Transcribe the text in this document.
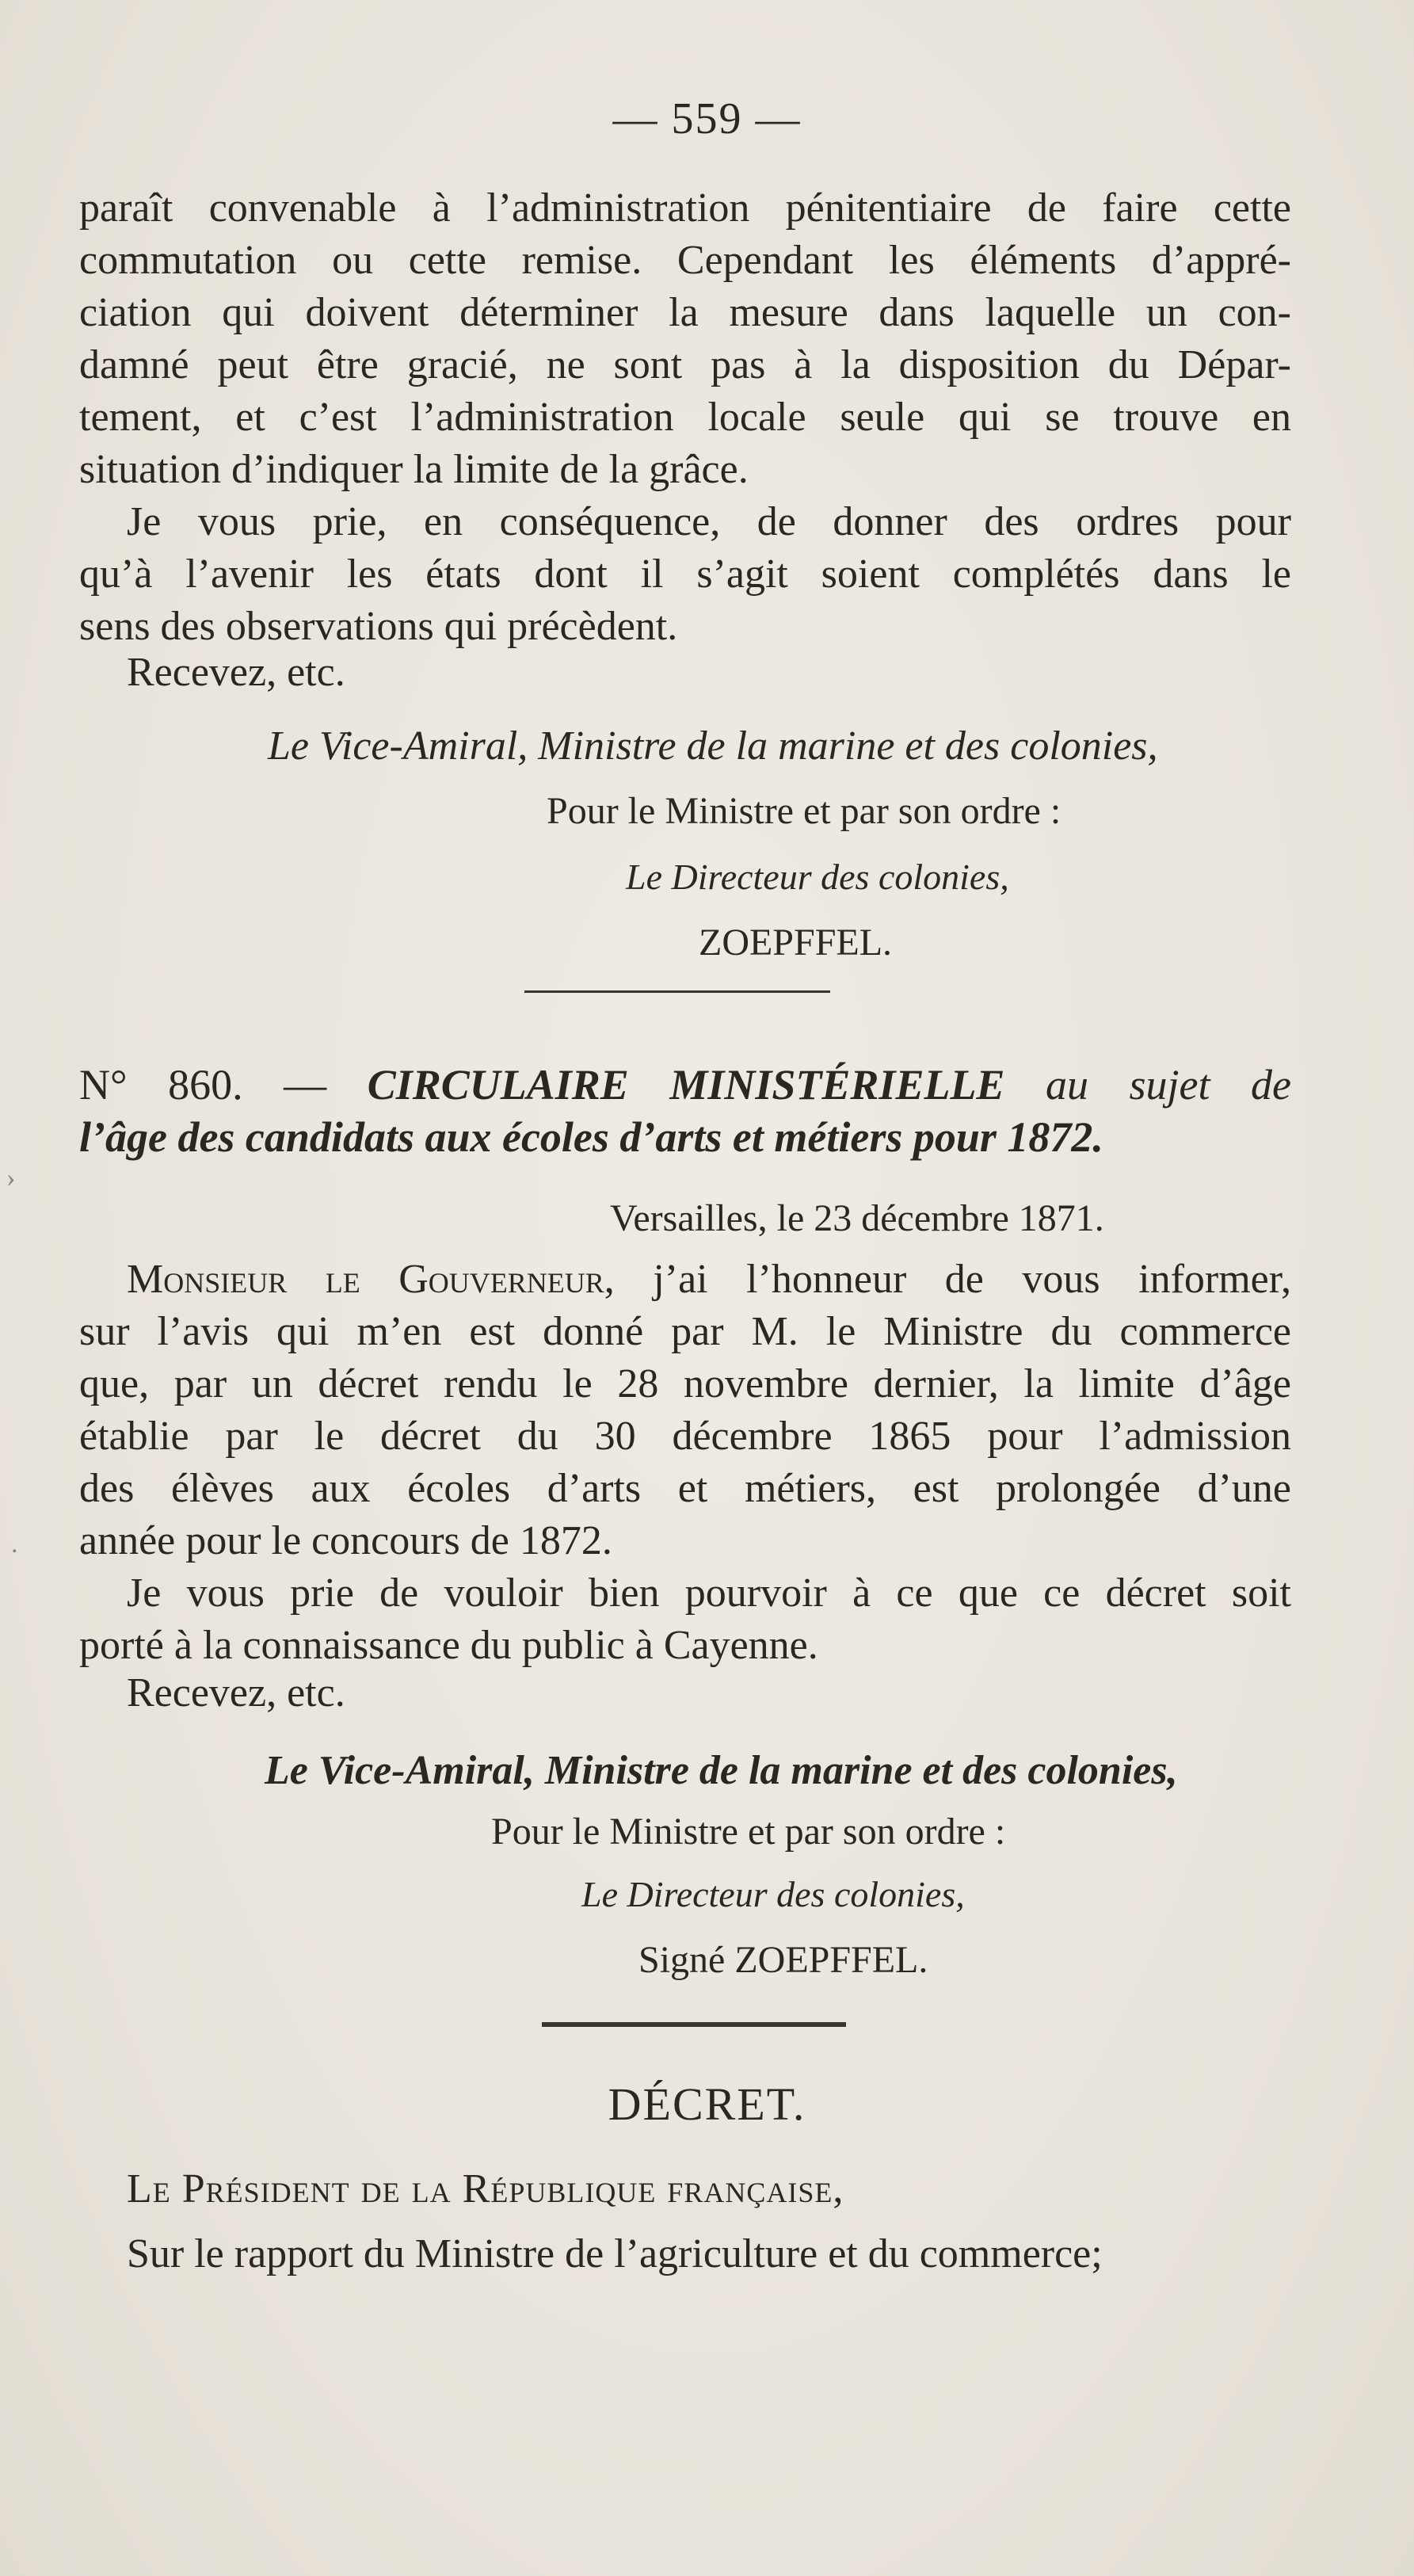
— 559 —
paraît convenable à l’administration pénitentiaire de faire cette
commutation ou cette remise. Cependant les éléments d’appré-
ciation qui doivent déterminer la mesure dans laquelle un con-
damné peut être gracié, ne sont pas à la disposition du Dépar-
tement, et c’est l’administration locale seule qui se trouve en
situation d’indiquer la limite de la grâce.
Je vous prie, en conséquence, de donner des ordres pour
qu’à l’avenir les états dont il s’agit soient complétés dans le
sens des observations qui précèdent.
Recevez, etc.
Le Vice-Amiral, Ministre de la marine et des colonies,
Pour le Ministre et par son ordre :
Le Directeur des colonies,
ZOEPFFEL.
N° 860. — CIRCULAIRE MINISTÉRIELLE au sujet de
l’âge des candidats aux écoles d’arts et métiers pour 1872.
Versailles, le 23 décembre 1871.
Monsieur le Gouverneur, j’ai l’honneur de vous informer,
sur l’avis qui m’en est donné par M. le Ministre du commerce
que, par un décret rendu le 28 novembre dernier, la limite d’âge
établie par le décret du 30 décembre 1865 pour l’admission
des élèves aux écoles d’arts et métiers, est prolongée d’une
année pour le concours de 1872.
Je vous prie de vouloir bien pourvoir à ce que ce décret soit
porté à la connaissance du public à Cayenne.
Recevez, etc.
Le Vice-Amiral, Ministre de la marine et des colonies,
Pour le Ministre et par son ordre :
Le Directeur des colonies,
Signé ZOEPFFEL.
DÉCRET.
Le Président de la République française,
Sur le rapport du Ministre de l’agriculture et du commerce;
›
.
